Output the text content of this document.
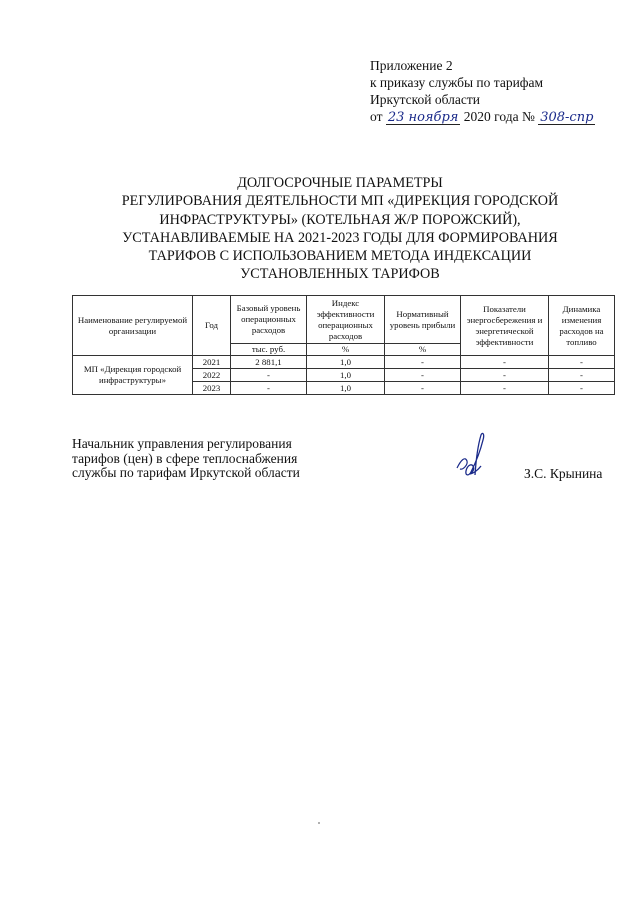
Приложение 2
к приказу службы по тарифам
Иркутской области
от 23 ноября 2020 года № 308-спр
ДОЛГОСРОЧНЫЕ ПАРАМЕТРЫ
РЕГУЛИРОВАНИЯ ДЕЯТЕЛЬНОСТИ МП «ДИРЕКЦИЯ ГОРОДСКОЙ
ИНФРАСТРУКТУРЫ» (КОТЕЛЬНАЯ Ж/Р ПОРОЖСКИЙ),
УСТАНАВЛИВАЕМЫЕ НА 2021-2023 ГОДЫ ДЛЯ ФОРМИРОВАНИЯ
ТАРИФОВ С ИСПОЛЬЗОВАНИЕМ МЕТОДА ИНДЕКСАЦИИ
УСТАНОВЛЕННЫХ ТАРИФОВ
Наименование регулируемой организации	Год	Базовый уровень операционных расходов	Индекс эффективности операционных расходов	Нормативный уровень прибыли	Показатели энергосбережения и энергетической эффективности	Динамика изменения расходов на топливо
		тыс. руб.	%	%		
МП «Дирекция городской инфраструктуры»	2021	2 881,1	1,0	-	-	-
	2022	-	1,0	-	-	-
	2023	-	1,0	-	-	-
Начальник управления регулирования
тарифов (цен) в сфере теплоснабжения
службы по тарифам Иркутской области	З.С. Крынина
